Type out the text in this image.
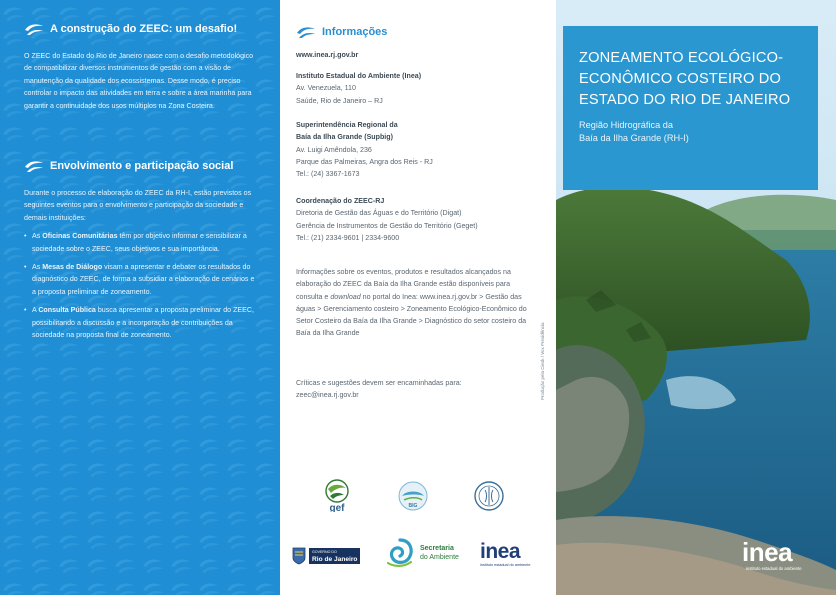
A construção do ZEEC: um desafio!

O ZEEC do Estado do Rio de Janeiro nasce com o desafio metodológico de compatibilizar diversos instrumentos de gestão com a visão de manutenção da qualidade dos ecossistemas. Desse modo, é preciso controlar o impacto das atividades em terra e sobre a área marinha para garantir a continuidade dos usos múltiplos na Zona Costeira.

Envolvimento e participação social

Durante o processo de elaboração do ZEEC da RH-I, estão previstos os seguintes eventos para o envolvimento e participação da sociedade e demais instituições:

• As Oficinas Comunitárias têm por objetivo informar e sensibilizar a sociedade sobre o ZEEC, seus objetivos e sua importância.
• As Mesas de Diálogo visam a apresentar e debater os resultados do diagnóstico do ZEEC, de forma a subsidiar a elaboração de cenários e a proposta preliminar de zoneamento.
• A Consulta Pública busca apresentar a proposta preliminar do ZEEC, possibilitando a discussão e a incorporação de contribuições da sociedade na proposta final de zoneamento.
Informações
www.inea.rj.gov.br
Instituto Estadual do Ambiente (Inea)
Av. Venezuela, 110
Saúde, Rio de Janeiro – RJ
Superintendência Regional da
Baía da Ilha Grande (Supbig)
Av. Luigi Amêndola, 236
Parque das Palmeiras, Angra dos Reis - RJ
Tel.: (24) 3367-1673
Coordenação do ZEEC-RJ
Diretoria de Gestão das Águas e do Território (Digat)
Gerência de Instrumentos de Gestão do Território (Geget)
Tel.: (21) 2334-9601 | 2334-9600
Informações sobre os eventos, produtos e resultados alcançados na elaboração do ZEEC da Baía da Ilha Grande estão disponíveis para consulta e download no portal do Inea: www.inea.rj.gov.br > Gestão das águas > Gerenciamento costeiro > Zoneamento Ecológico-Econômico do Setor Costeiro da Baía da Ilha Grande > Diagnóstico do setor costeiro da Baía da Ilha Grande
Críticas e sugestões devem ser encaminhadas para:
zeec@inea.rj.gov.br	Produção pela Ciesk / Vox Presidência
gef	BIG
GOVERNO DO
Rio de Janeiro
Secretaria
do Ambiente inea
instituto estadual do ambiente
ZONEAMENTO ECOLÓGICO-ECONÔMICO COSTEIRO DO ESTADO DO RIO DE JANEIRO
Região Hidrográfica da
Baía da Ilha Grande (RH-I)
inea
instituto estadual do ambiente
